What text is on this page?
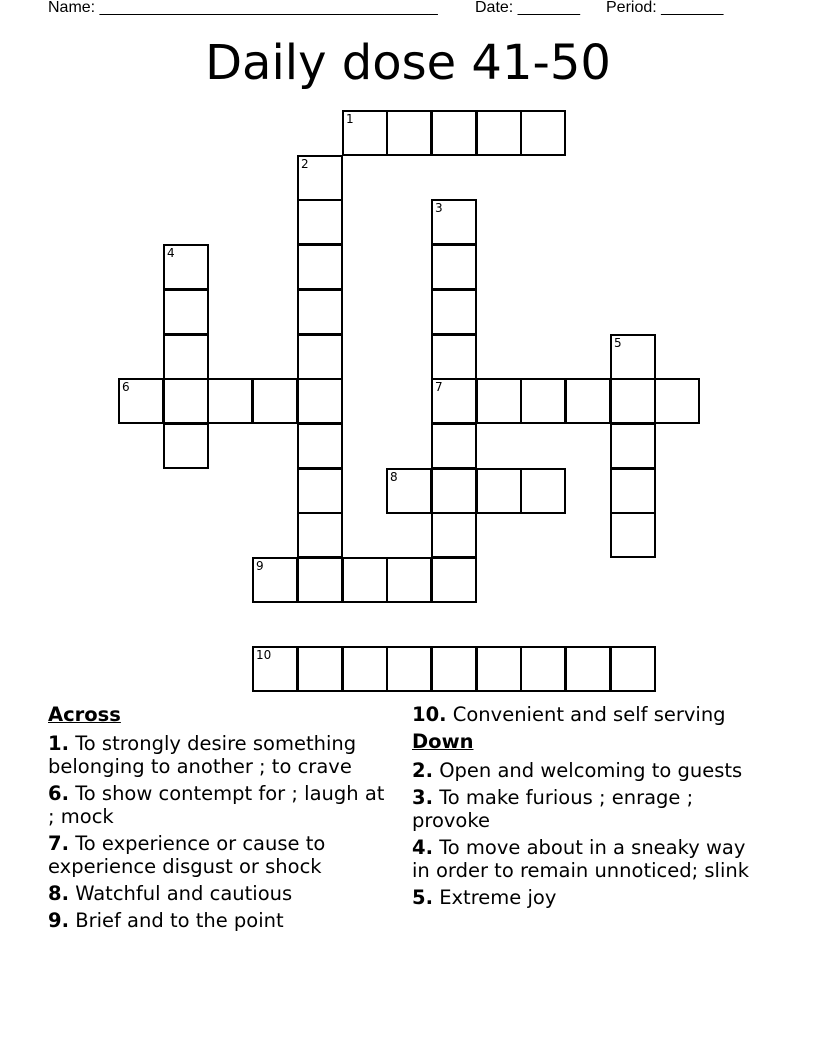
Name: ______________________________________ Date: _______ Period: _______
Daily dose 41-50
1
2
3
7
4
5
6
8
9
10
Across
1. To strongly desire something belonging to another ; to crave
6. To show contempt for ; laugh at ; mock
7. To experience or cause to experience disgust or shock
8. Watchful and cautious
9. Brief and to the point
10. Convenient and self serving
Down
2. Open and welcoming to guests
3. To make furious ; enrage ; provoke
4. To move about in a sneaky way in order to remain unnoticed; slink
5. Extreme joy
